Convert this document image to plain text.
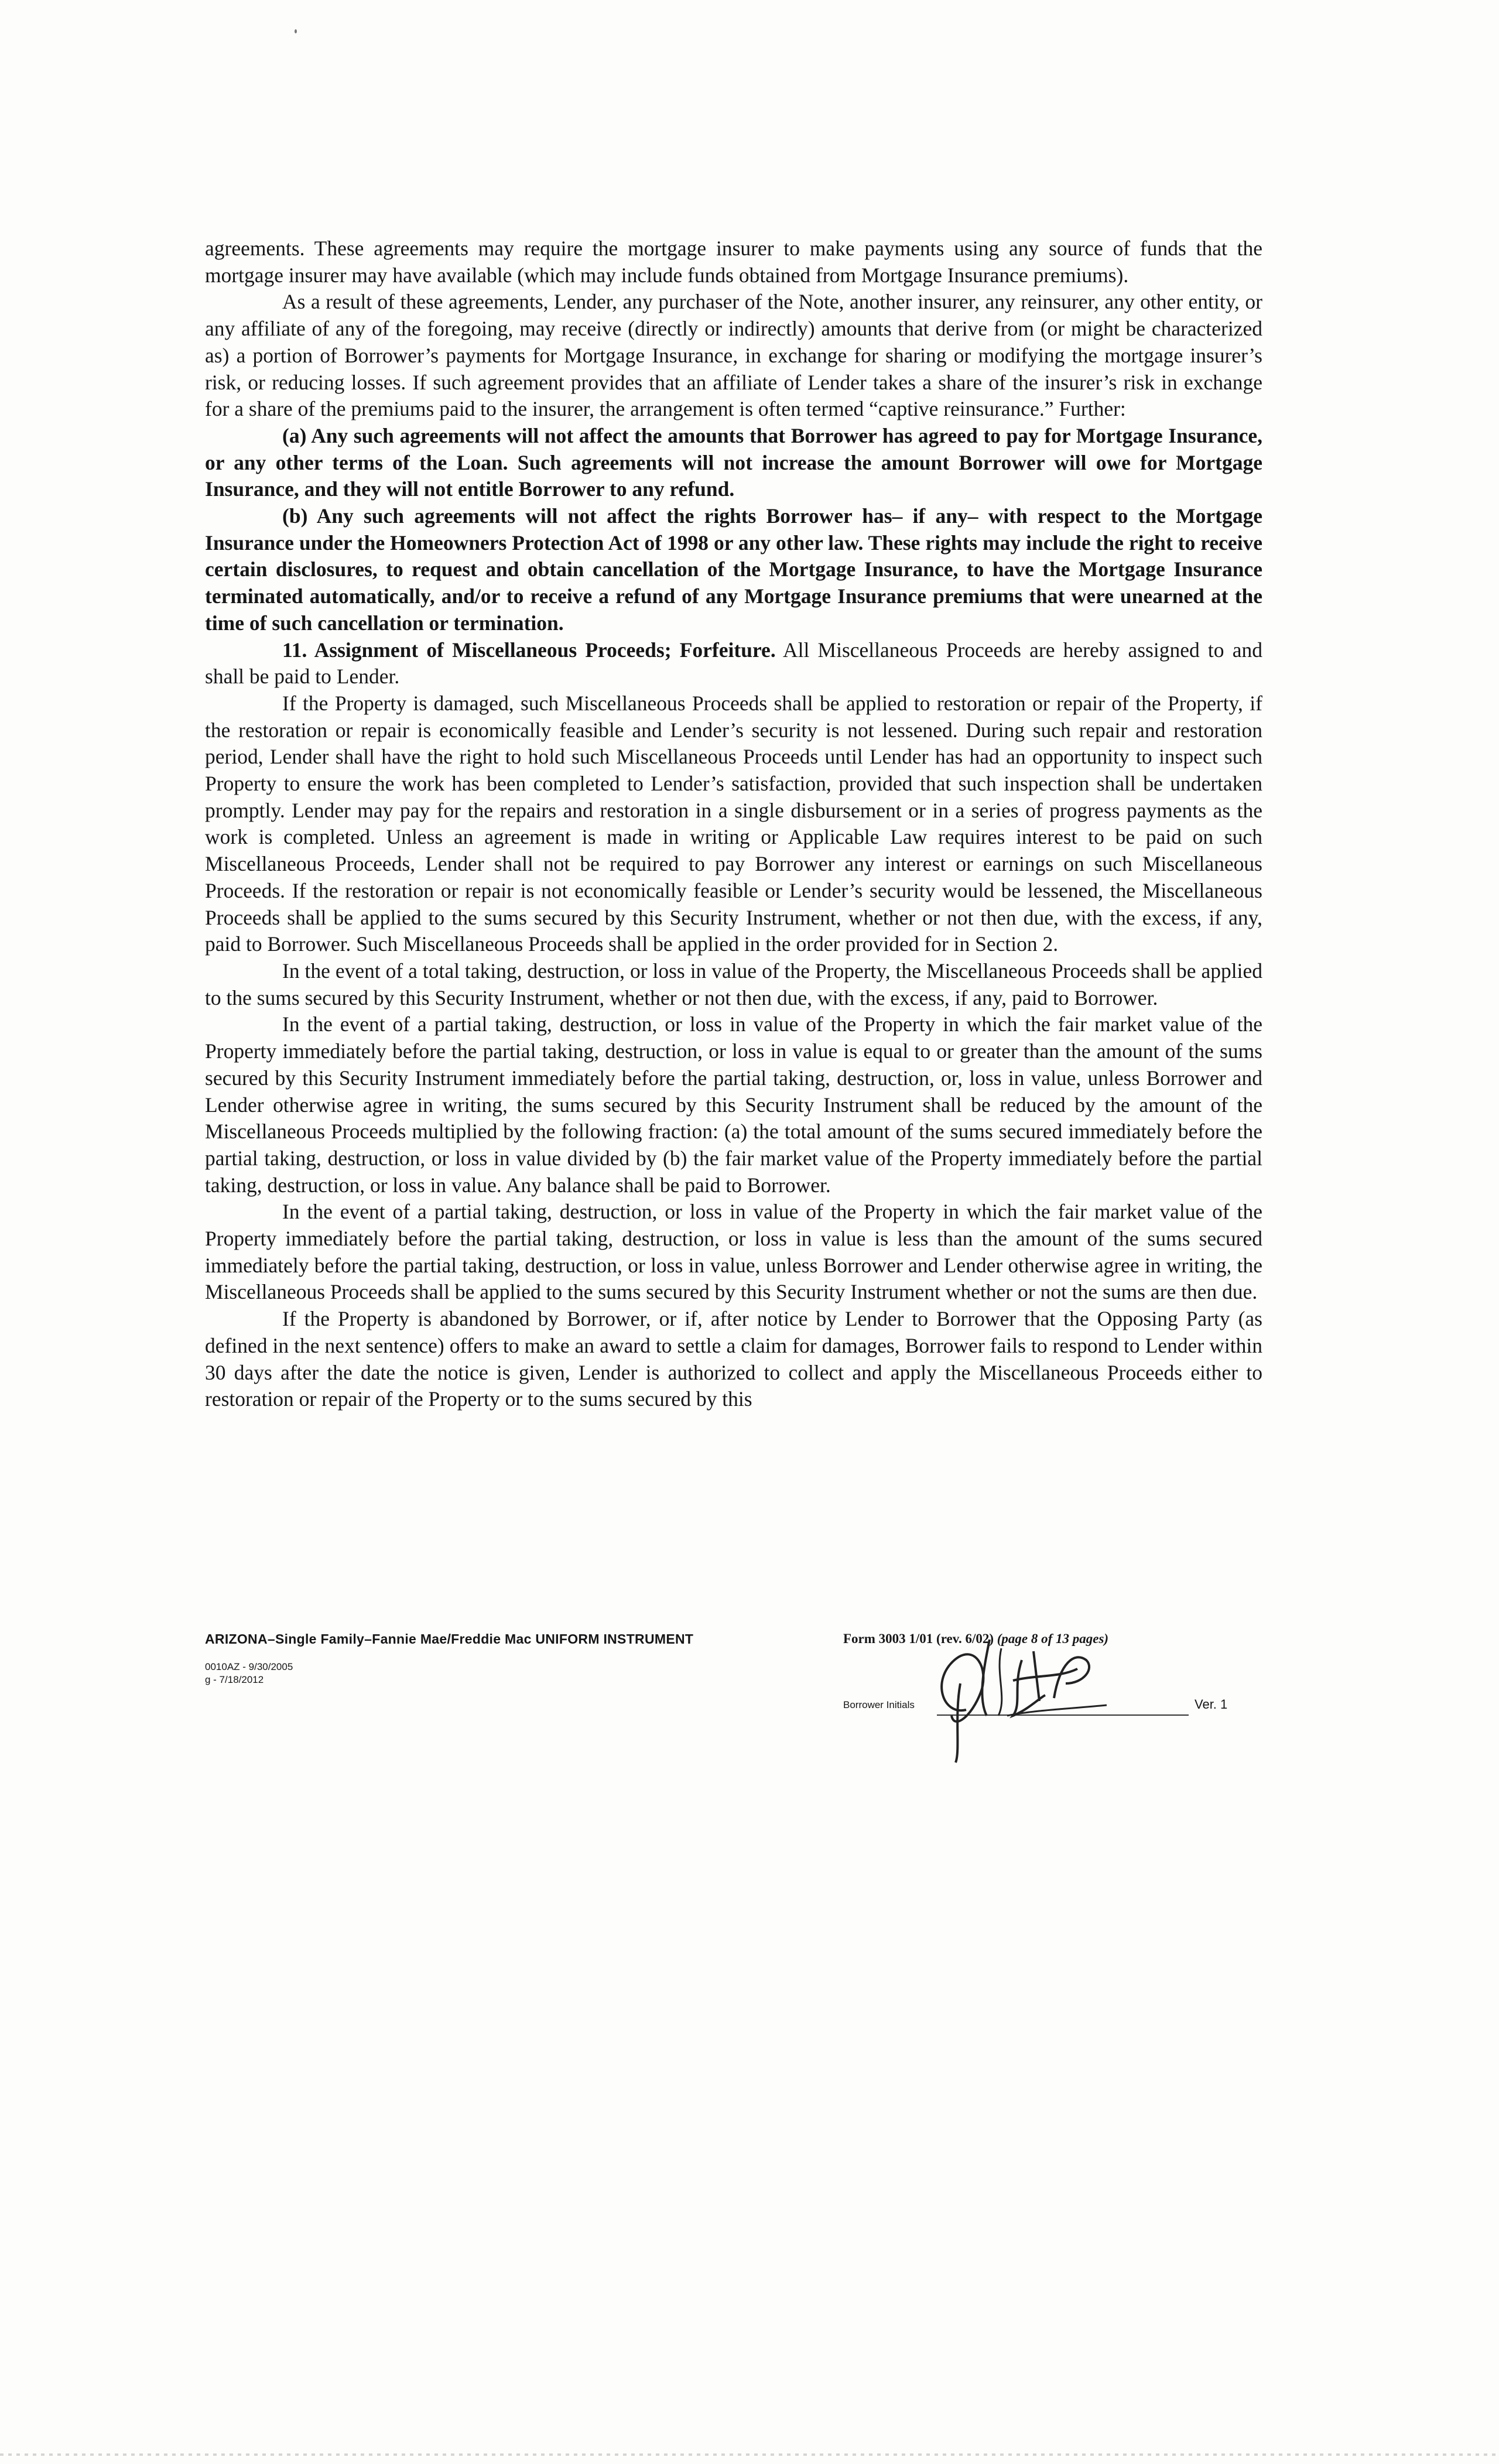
agreements. These agreements may require the mortgage insurer to make payments using any source of funds that the mortgage insurer may have available (which may include funds obtained from Mortgage Insurance premiums).

As a result of these agreements, Lender, any purchaser of the Note, another insurer, any reinsurer, any other entity, or any affiliate of any of the foregoing, may receive (directly or indirectly) amounts that derive from (or might be characterized as) a portion of Borrower’s payments for Mortgage Insurance, in exchange for sharing or modifying the mortgage insurer’s risk, or reducing losses. If such agreement provides that an affiliate of Lender takes a share of the insurer’s risk in exchange for a share of the premiums paid to the insurer, the arrangement is often termed “captive reinsurance.” Further:

(a) Any such agreements will not affect the amounts that Borrower has agreed to pay for Mortgage Insurance, or any other terms of the Loan. Such agreements will not increase the amount Borrower will owe for Mortgage Insurance, and they will not entitle Borrower to any refund.

(b) Any such agreements will not affect the rights Borrower has– if any– with respect to the Mortgage Insurance under the Homeowners Protection Act of 1998 or any other law. These rights may include the right to receive certain disclosures, to request and obtain cancellation of the Mortgage Insurance, to have the Mortgage Insurance terminated automatically, and/or to receive a refund of any Mortgage Insurance premiums that were unearned at the time of such cancellation or termination.

11. Assignment of Miscellaneous Proceeds; Forfeiture. All Miscellaneous Proceeds are hereby assigned to and shall be paid to Lender.

If the Property is damaged, such Miscellaneous Proceeds shall be applied to restoration or repair of the Property, if the restoration or repair is economically feasible and Lender’s security is not lessened. During such repair and restoration period, Lender shall have the right to hold such Miscellaneous Proceeds until Lender has had an opportunity to inspect such Property to ensure the work has been completed to Lender’s satisfaction, provided that such inspection shall be undertaken promptly. Lender may pay for the repairs and restoration in a single disbursement or in a series of progress payments as the work is completed. Unless an agreement is made in writing or Applicable Law requires interest to be paid on such Miscellaneous Proceeds, Lender shall not be required to pay Borrower any interest or earnings on such Miscellaneous Proceeds. If the restoration or repair is not economically feasible or Lender’s security would be lessened, the Miscellaneous Proceeds shall be applied to the sums secured by this Security Instrument, whether or not then due, with the excess, if any, paid to Borrower. Such Miscellaneous Proceeds shall be applied in the order provided for in Section 2.

In the event of a total taking, destruction, or loss in value of the Property, the Miscellaneous Proceeds shall be applied to the sums secured by this Security Instrument, whether or not then due, with the excess, if any, paid to Borrower.

In the event of a partial taking, destruction, or loss in value of the Property in which the fair market value of the Property immediately before the partial taking, destruction, or loss in value is equal to or greater than the amount of the sums secured by this Security Instrument immediately before the partial taking, destruction, or, loss in value, unless Borrower and Lender otherwise agree in writing, the sums secured by this Security Instrument shall be reduced by the amount of the Miscellaneous Proceeds multiplied by the following fraction: (a) the total amount of the sums secured immediately before the partial taking, destruction, or loss in value divided by (b) the fair market value of the Property immediately before the partial taking, destruction, or loss in value. Any balance shall be paid to Borrower.

In the event of a partial taking, destruction, or loss in value of the Property in which the fair market value of the Property immediately before the partial taking, destruction, or loss in value is less than the amount of the sums secured immediately before the partial taking, destruction, or loss in value, unless Borrower and Lender otherwise agree in writing, the Miscellaneous Proceeds shall be applied to the sums secured by this Security Instrument whether or not the sums are then due.

If the Property is abandoned by Borrower, or if, after notice by Lender to Borrower that the Opposing Party (as defined in the next sentence) offers to make an award to settle a claim for damages, Borrower fails to respond to Lender within 30 days after the date the notice is given, Lender is authorized to collect and apply the Miscellaneous Proceeds either to restoration or repair of the Property or to the sums secured by this

ARIZONA–Single Family–Fannie Mae/Freddie Mac UNIFORM INSTRUMENT	Form 3003 1/01 (rev. 6/02) (page 8 of 13 pages)
0010AZ - 9/30/2005
g - 7/18/2012
Borrower Initials	Ver. 1
